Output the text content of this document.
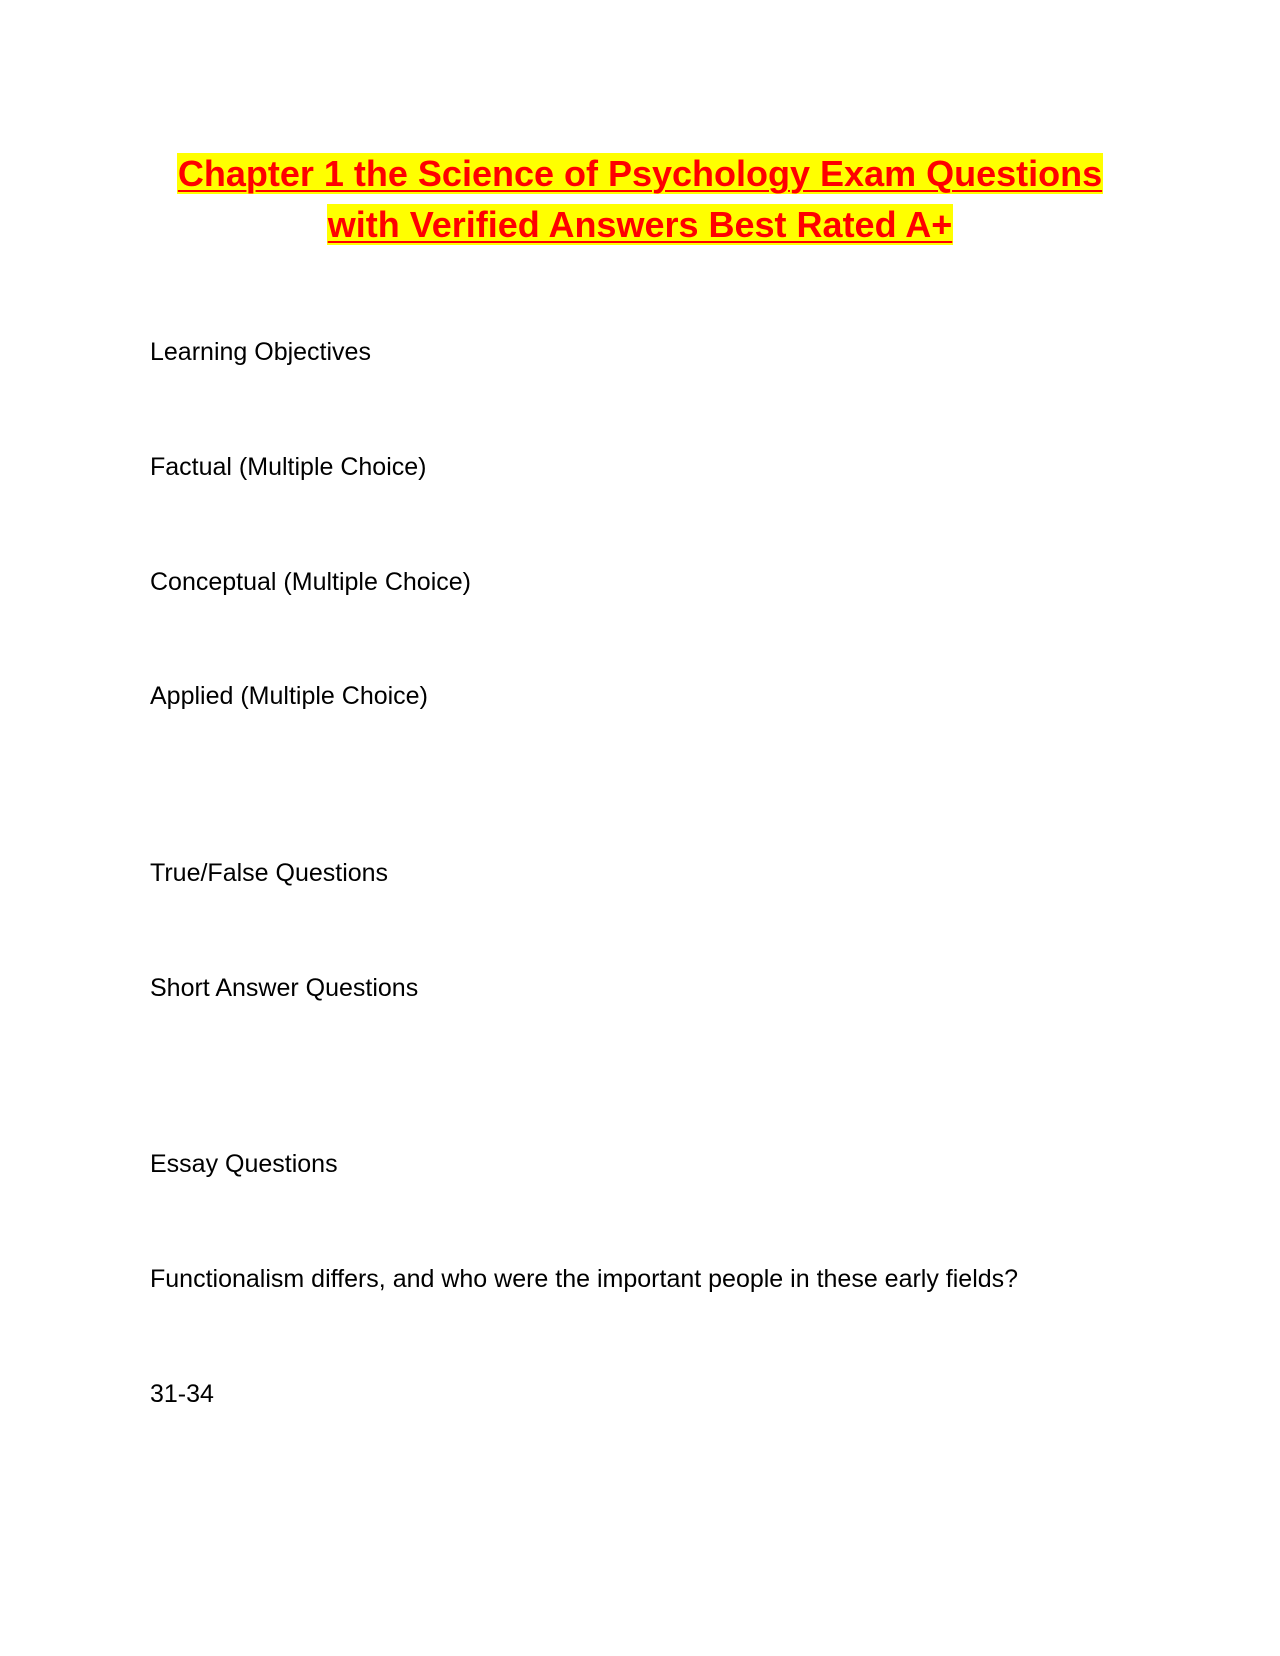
Chapter 1 the Science of Psychology Exam Questions
with Verified Answers Best Rated A+
Learning Objectives
Factual (Multiple Choice)
Conceptual (Multiple Choice)
Applied (Multiple Choice)
True/False Questions
Short Answer Questions
Essay Questions
Functionalism differs, and who were the important people in these early fields?
31-34
